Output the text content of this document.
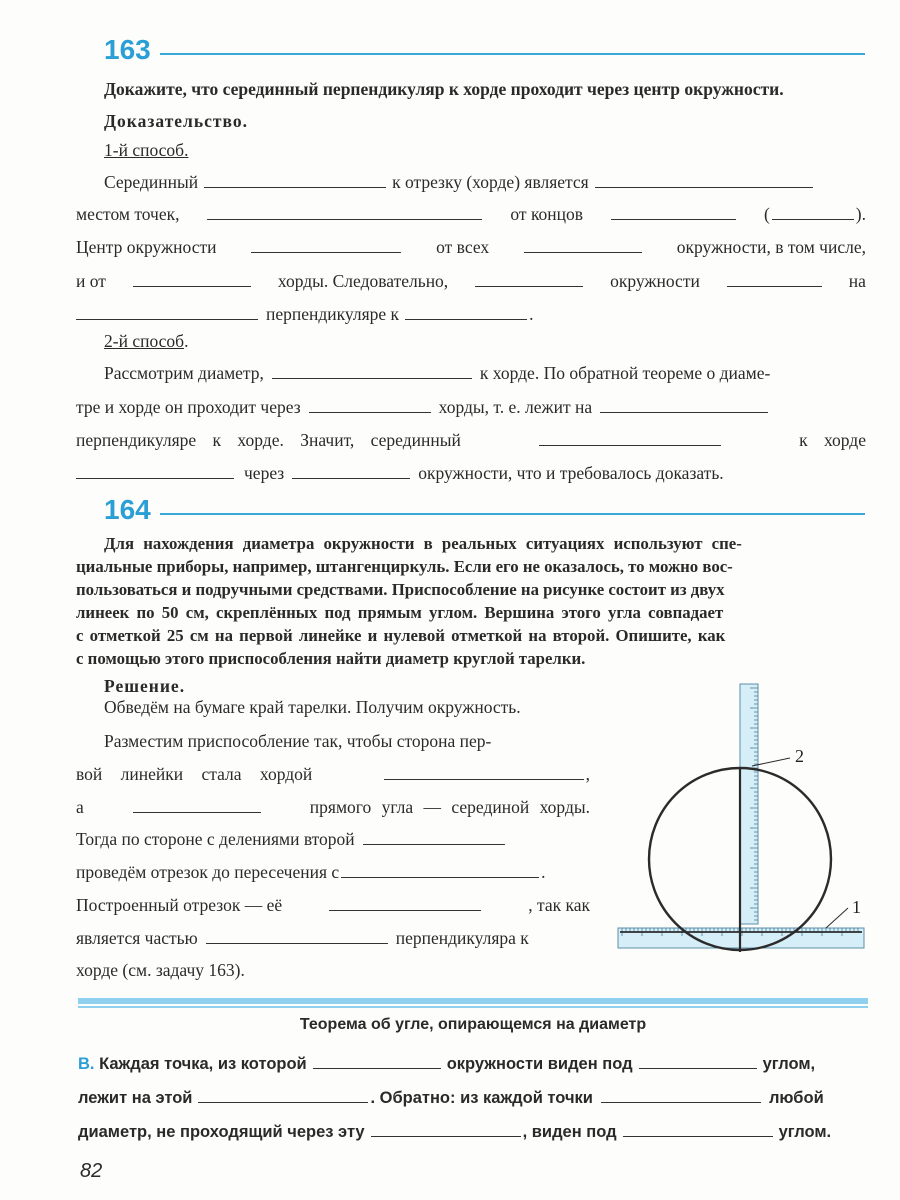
163
Докажите, что серединный перпендикуляр к хорде проходит через центр окружности.
Доказательство.
1-й способ.
Серединный	к отрезку (хорде) является
местом точек,	от концов	(	).
Центр окружности	от всех	окружности, в том числе,
и от	хорды. Следовательно,	окружности	на
перпендикуляре к	.
2-й способ.
Рассмотрим диаметр,	к хорде. По обратной теореме о диаме-
тре и хорде он проходит через	хорды, т. е. лежит на
перпендикуляре к хорде. Значит, серединный	к хорде
через	окружности, что и требовалось доказать.
164
Для нахождения диаметра окружности в реальных ситуациях используют спе-
циальные приборы, например, штангенциркуль. Если его не оказалось, то можно вос-
пользоваться и подручными средствами. Приспособление на рисунке состоит из двух
линеек по 50 см, скреплённых под прямым углом. Вершина этого угла совпадает
с отметкой 25 см на первой линейке и нулевой отметкой на второй. Опишите, как
с помощью этого приспособления найти диаметр круглой тарелки.
Решение.
Обведём на бумаге край тарелки. Получим окружность.
Разместим приспособление так, чтобы сторона пер-
вой линейки стала хордой	,
а	прямого угла — серединой хорды.
Тогда по стороне с делениями второй
проведём отрезок до пересечения с	.
Построенный отрезок — её	, так как
является частью	перпендикуляра к
хорде (см. задачу 163).
2
1
Теорема об угле, опирающемся на диаметр
В. Каждая точка, из которой	окружности виден под	углом,
лежит на этой	. Обратно: из каждой точки	любой
диаметр, не проходящий через эту	, виден под	углом.
82
